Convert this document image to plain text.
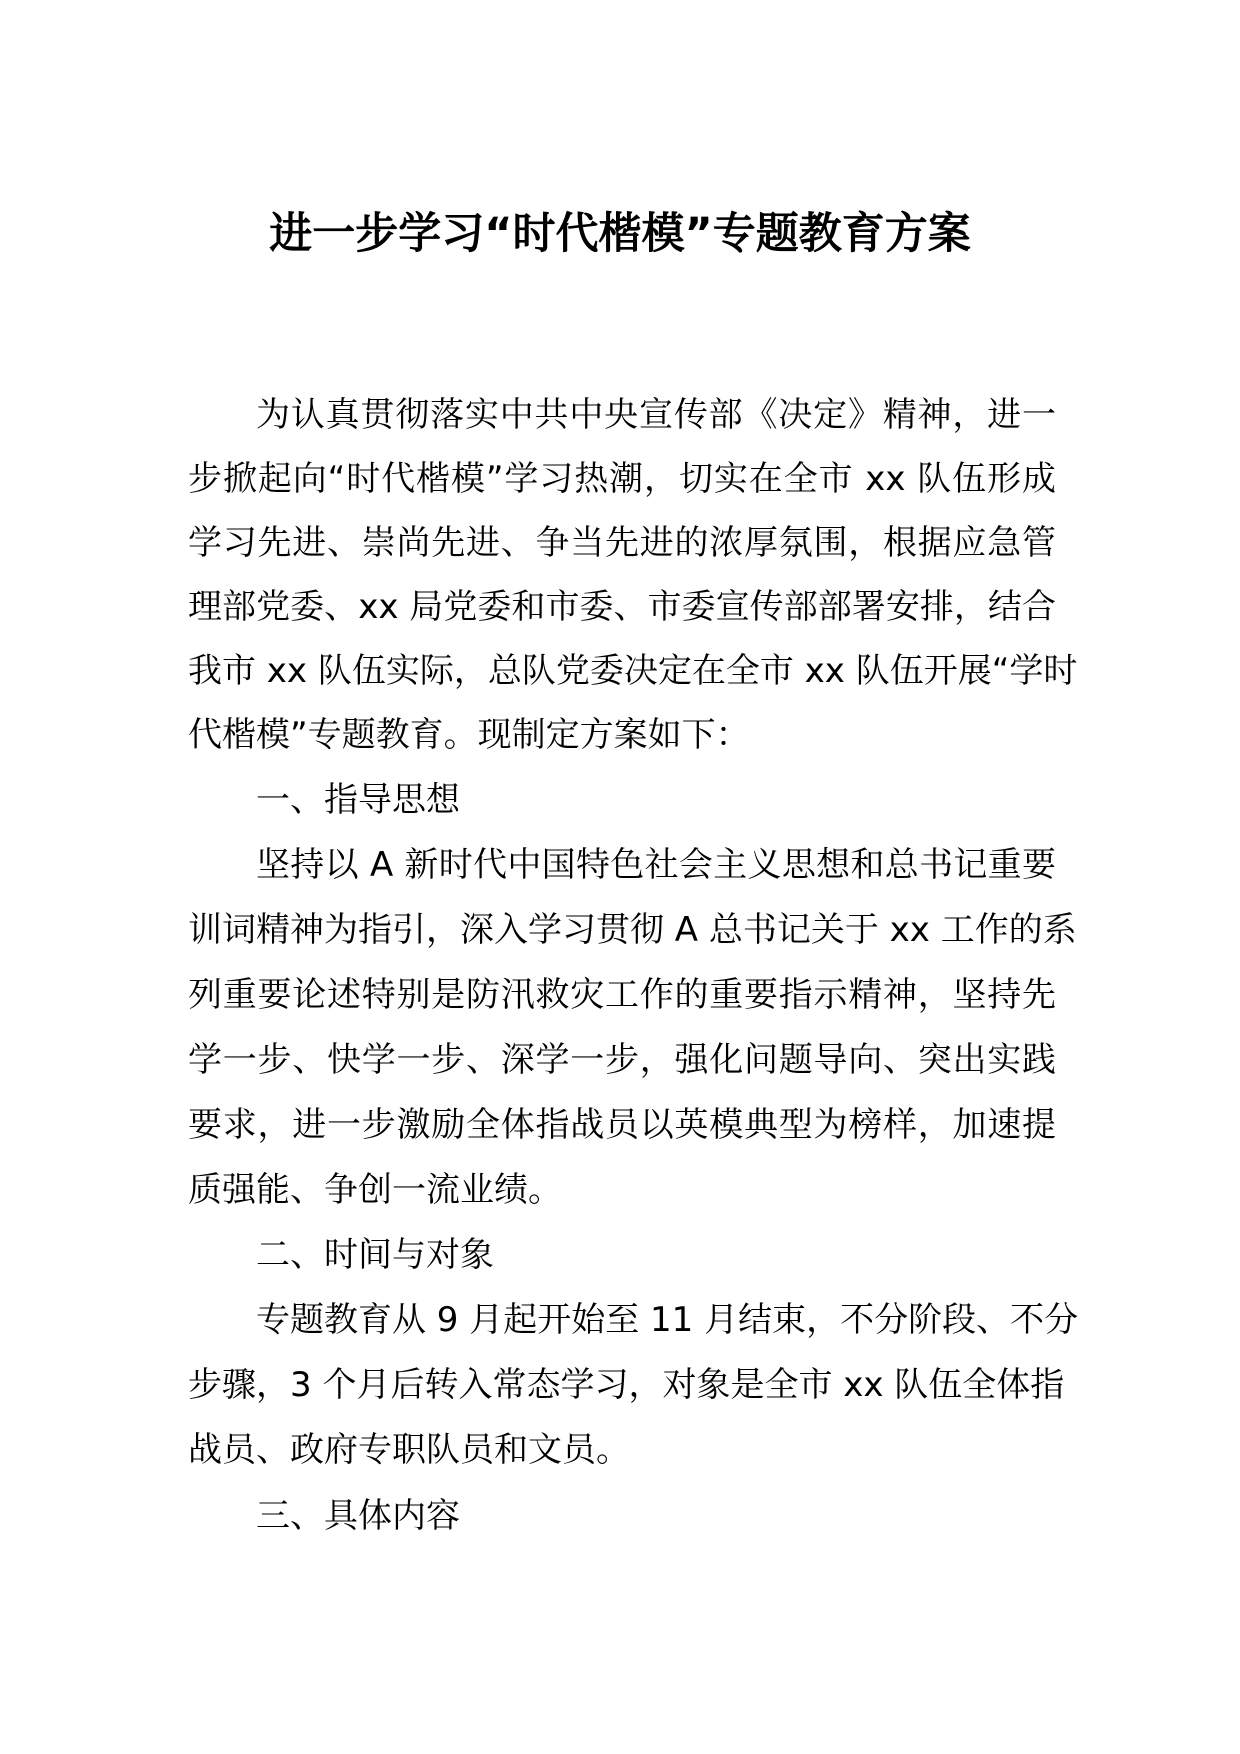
进一步学习“时代楷模”专题教育方案
为认真贯彻落实中共中央宣传部《决定》精神，进一
步掀起向“时代楷模”学习热潮，切实在全市 xx 队伍形成
学习先进、崇尚先进、争当先进的浓厚氛围，根据应急管
理部党委、xx 局党委和市委、市委宣传部部署安排，结合
我市 xx 队伍实际，总队党委决定在全市 xx 队伍开展“学时
代楷模”专题教育。现制定方案如下：
一、指导思想
坚持以 A 新时代中国特色社会主义思想和总书记重要
训词精神为指引，深入学习贯彻 A 总书记关于 xx 工作的系
列重要论述特别是防汛救灾工作的重要指示精神，坚持先
学一步、快学一步、深学一步，强化问题导向、突出实践
要求，进一步激励全体指战员以英模典型为榜样，加速提
质强能、争创一流业绩。
二、时间与对象
专题教育从 9 月起开始至 11 月结束，不分阶段、不分
步骤，3 个月后转入常态学习，对象是全市 xx 队伍全体指
战员、政府专职队员和文员。
三、具体内容
